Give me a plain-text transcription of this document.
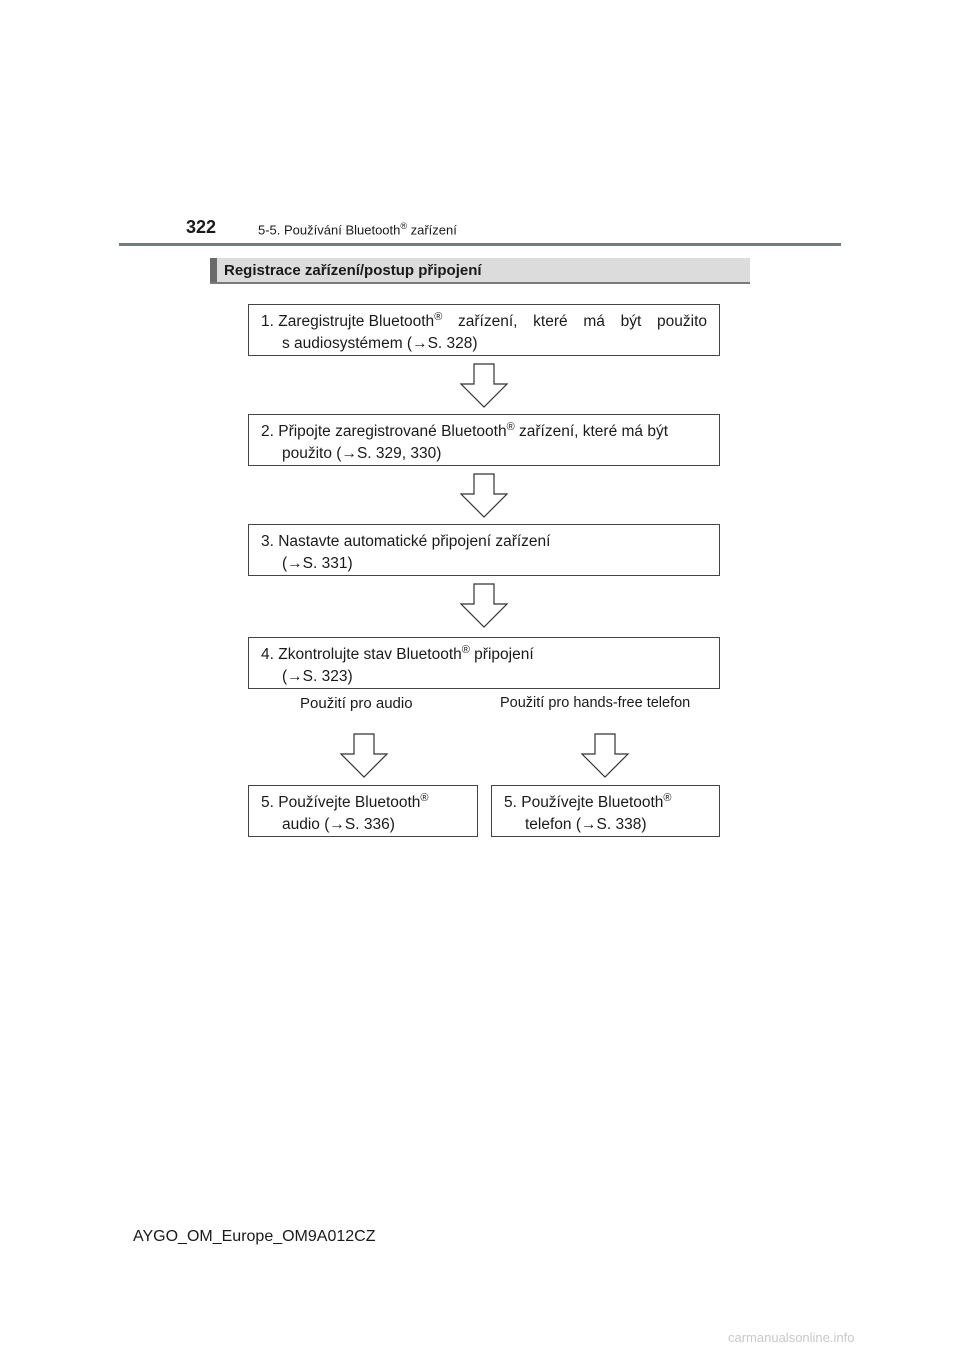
322	5-5. Používání Bluetooth® zařízení
Registrace zařízení/postup připojení
1. Zaregistrujte Bluetooth® zařízení, které má být použito
s audiosystémem (→S. 328)
2. Připojte zaregistrované Bluetooth® zařízení, které má být
použito (→S. 329, 330)
3. Nastavte automatické připojení zařízení
(→S. 331)
4. Zkontrolujte stav Bluetooth® připojení
(→S. 323)
Použití pro audio	Použití pro hands-free telefon
5. Používejte Bluetooth®
audio (→S. 336)
5. Používejte Bluetooth®
telefon (→S. 338)
AYGO_OM_Europe_OM9A012CZ
carmanualsonline.info
